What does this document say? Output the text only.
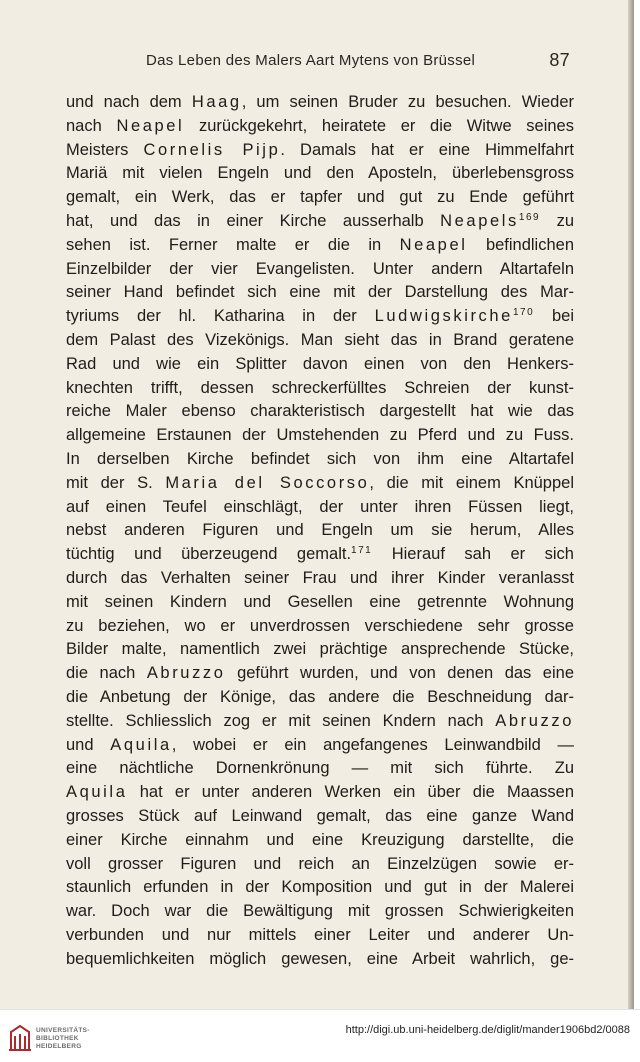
Das Leben des Malers Aart Mytens von Brüssel	87
und nach dem Haag, um seinen Bruder zu besuchen. Wieder
nach Neapel zurückgekehrt, heiratete er die Witwe seines
Meisters Cornelis Pijp. Damals hat er eine Himmelfahrt
Mariä mit vielen Engeln und den Aposteln, überlebensgross
gemalt, ein Werk, das er tapfer und gut zu Ende geführt
hat, und das in einer Kirche ausserhalb Neapels$^{169}$ zu
sehen ist. Ferner malte er die in Neapel befindlichen
Einzelbilder der vier Evangelisten. Unter andern Altartafeln
seiner Hand befindet sich eine mit der Darstellung des Mar-
tyriums der hl. Katharina in der Ludwigskirche$^{170}$ bei
dem Palast des Vizekönigs. Man sieht das in Brand geratene
Rad und wie ein Splitter davon einen von den Henkers-
knechten trifft, dessen schreckerfülltes Schreien der kunst-
reiche Maler ebenso charakteristisch dargestellt hat wie das
allgemeine Erstaunen der Umstehenden zu Pferd und zu Fuss.
In derselben Kirche befindet sich von ihm eine Altartafel
mit der S. Maria del Soccorso, die mit einem Knüppel
auf einen Teufel einschlägt, der unter ihren Füssen liegt,
nebst anderen Figuren und Engeln um sie herum, Alles
tüchtig und überzeugend gemalt.$^{171}$ Hierauf sah er sich
durch das Verhalten seiner Frau und ihrer Kinder veranlasst
mit seinen Kindern und Gesellen eine getrennte Wohnung
zu beziehen, wo er unverdrossen verschiedene sehr grosse
Bilder malte, namentlich zwei prächtige ansprechende Stücke,
die nach Abruzzo geführt wurden, und von denen das eine
die Anbetung der Könige, das andere die Beschneidung dar-
stellte. Schliesslich zog er mit seinen Kndern nach Abruzzo
und Aquila, wobei er ein angefangenes Leinwandbild —
eine nächtliche Dornenkrönung — mit sich führte. Zu
Aquila hat er unter anderen Werken ein über die Maassen
grosses Stück auf Leinwand gemalt, das eine ganze Wand
einer Kirche einnahm und eine Kreuzigung darstellte, die
voll grosser Figuren und reich an Einzelzügen sowie er-
staunlich erfunden in der Komposition und gut in der Malerei
war. Doch war die Bewältigung mit grossen Schwierigkeiten
verbunden und nur mittels einer Leiter und anderer Un-
bequemlichkeiten möglich gewesen, eine Arbeit wahrlich, ge-
UNIVERSITÄTS-
BIBLIOTHEK
HEIDELBERG
http://digi.ub.uni-heidelberg.de/diglit/mander1906bd2/0088
